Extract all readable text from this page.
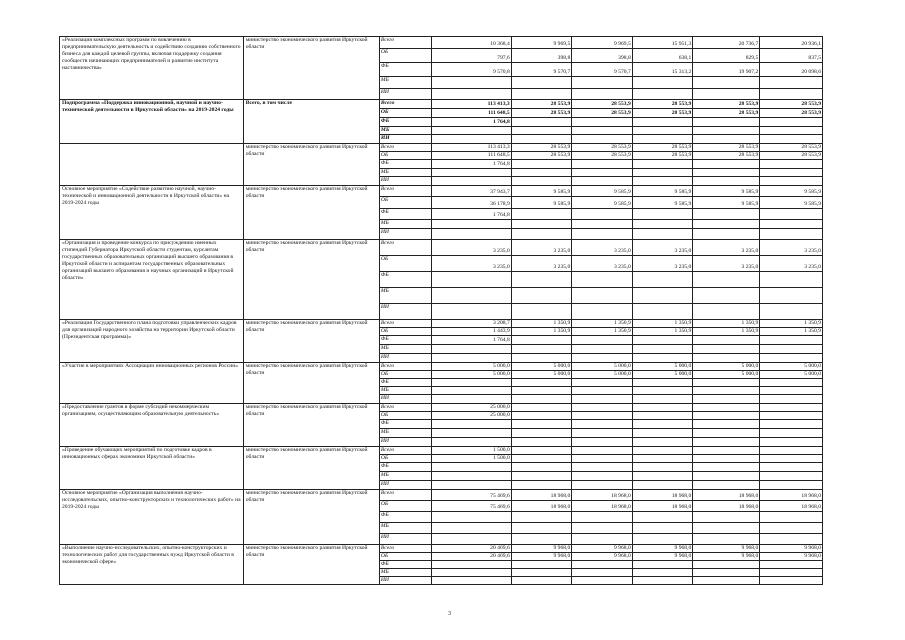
«Реализация комплексных программ по вовлечению в предпринимательскую деятельность и содействию созданию собственного бизнеса для каждой целевой группы, включая поддержку создания сообществ начинающих предпринимателей и развитие института наставничества»	министерство экономического развития Иркутской области	Всего	10 368,4	9 969,5	9 969,5	15 951,3	20 736,7	20 936,1
		ОБ	797,6	398,8	398,8	638,1	829,5	837,5
		ФБ	9 570,8	9 570,7	9 570,7	15 313,2	19 907,2	20 098,6
		МБ						
		ИИ						
Подпрограмма «Поддержка инновационной, научной и научно-технической деятельности в Иркутской области» на 2019-2024 годы	Всего, в том числе	Всего	113 413,3	28 553,9	28 553,9	28 553,9	28 553,9	28 553,9
		ОБ	111 648,5	28 553,9	28 553,9	28 553,9	28 553,9	28 553,9
		ФБ	1 764,8					
		МБ						
		ИИ						
	министерство экономического развития Иркутской области	Всего	113 413,3	28 553,9	28 553,9	28 553,9	28 553,9	28 553,9
		ОБ	111 648,5	28 553,9	28 553,9	28 553,9	28 553,9	28 553,9
		ФБ	1 764,8					
		МБ						
		ИИ						
Основное мероприятие «Содействие развитию научной, научно-технической и инновационной деятельности в Иркутской области» на 2019-2024 годы	министерство экономического развития Иркутской области	Всего	37 943,7	9 585,9	9 585,9	9 585,9	9 585,9	9 585,9
		ОБ	36 178,9	9 585,9	9 585,9	9 585,9	9 585,9	9 585,9
		ФБ	1 764,8					
		МБ						
		ИИ						
«Организация и проведение конкурса по присуждению именных стипендий Губернатора Иркутской области студентам, курсантам государственных образовательных организаций высшего образования в Иркутской области и аспирантам государственных образовательных организаций высшего образования и научных организаций в Иркутской области»	министерство экономического развития Иркутской области	Всего	3 235,0	3 235,0	3 235,0	3 235,0	3 235,0	3 235,0
		ОБ	3 235,0	3 235,0	3 235,0	3 235,0	3 235,0	3 235,0
		ФБ						
		МБ						
		ИИ						
«Реализация Государственного плана подготовки управленческих кадров для организаций народного хозяйства на территории Иркутской области (Президентская программа)»	министерство экономического развития Иркутской области	Всего	3 208,7	1 350,9	1 350,9	1 350,9	1 350,9	1 350,9
		ОБ	1 443,9	1 350,9	1 350,9	1 350,9	1 350,9	1 350,9
		ФБ	1 764,8					
		МБ						
		ИИ						
«Участие в мероприятиях Ассоциации инновационных регионов России»	министерство экономического развития Иркутской области	Всего	5 000,0	5 000,0	5 000,0	5 000,0	5 000,0	5 000,0
		ОБ	5 000,0	5 000,0	5 000,0	5 000,0	5 000,0	5 000,0
		ФБ						
		МБ						
		ИИ						
«Предоставление грантов в форме субсидий некоммерческим организациям, осуществляющим образовательную деятельность»	министерство экономического развития Иркутской области	Всего	25 000,0					
		ОБ	25 000,0					
		ФБ						
		МБ						
		ИИ						
«Проведение обучающих мероприятий по подготовке кадров в инновационных сферах экономики Иркутской области»	министерство экономического развития Иркутской области	Всего	1 500,0					
		ОБ	1 500,0					
		ФБ						
		МБ						
		ИИ						
Основное мероприятие «Организация выполнения научно-исследовательских, опытно-конструкторских и технологических работ» на 2019-2024 годы	министерство экономического развития Иркутской области	Всего	75 469,6	18 968,0	18 968,0	18 968,0	18 968,0	18 968,0
		ОБ	75 469,6	18 968,0	18 968,0	18 968,0	18 968,0	18 968,0
		ФБ						
		МБ						
		ИИ						
«Выполнение научно-исследовательских, опытно-конструкторских и технологических работ для государственных нужд Иркутской области в экономической сфере»	министерство экономического развития Иркутской области	Всего	20 469,6	9 968,0	9 968,0	9 968,0	9 968,0	9 968,0
		ОБ	20 469,6	9 968,0	9 968,0	9 968,0	9 968,0	9 968,0
		ФБ						
		МБ						
		ИИ						
3
